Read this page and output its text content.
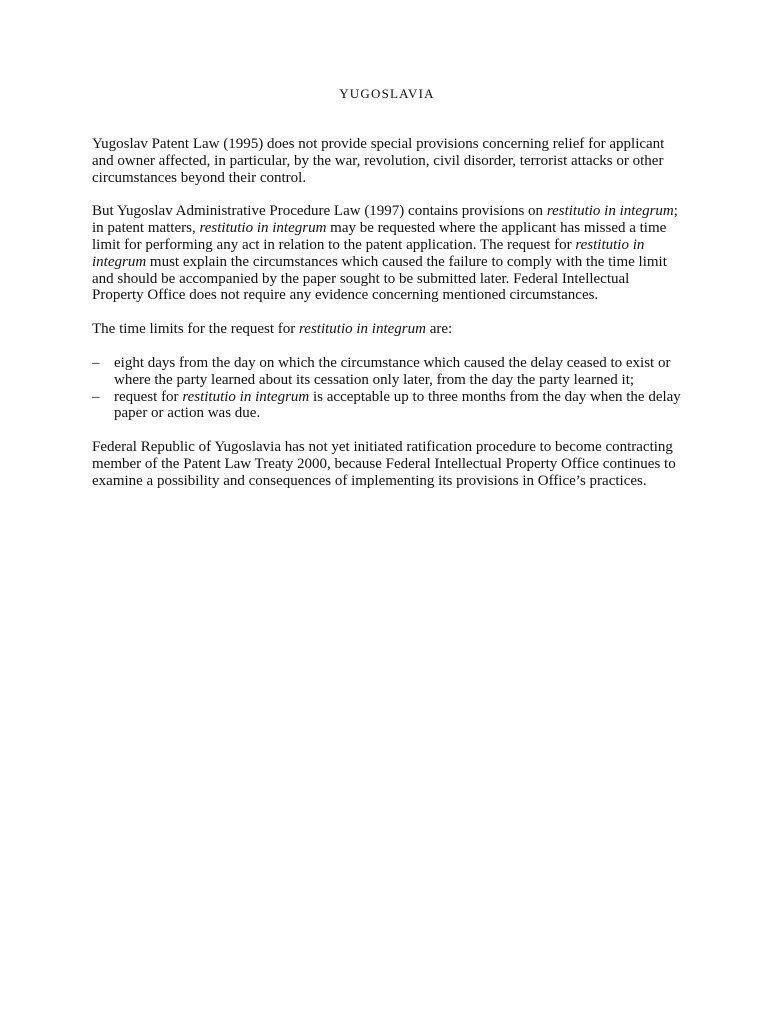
YUGOSLAVIA

Yugoslav Patent Law (1995) does not provide special provisions concerning relief for applicant and owner affected, in particular, by the war, revolution, civil disorder, terrorist attacks or other circumstances beyond their control.

But Yugoslav Administrative Procedure Law (1997) contains provisions on restitutio in integrum; in patent matters, restitutio in integrum may be requested where the applicant has missed a time limit for performing any act in relation to the patent application. The request for restitutio in integrum must explain the circumstances which caused the failure to comply with the time limit and should be accompanied by the paper sought to be submitted later. Federal Intellectual Property Office does not require any evidence concerning mentioned circumstances.

The time limits for the request for restitutio in integrum are:

– eight days from the day on which the circumstance which caused the delay ceased to exist or where the party learned about its cessation only later, from the day the party learned it;
– request for restitutio in integrum is acceptable up to three months from the day when the delay paper or action was due.

Federal Republic of Yugoslavia has not yet initiated ratification procedure to become contracting member of the Patent Law Treaty 2000, because Federal Intellectual Property Office continues to examine a possibility and consequences of implementing its provisions in Office’s practices.
